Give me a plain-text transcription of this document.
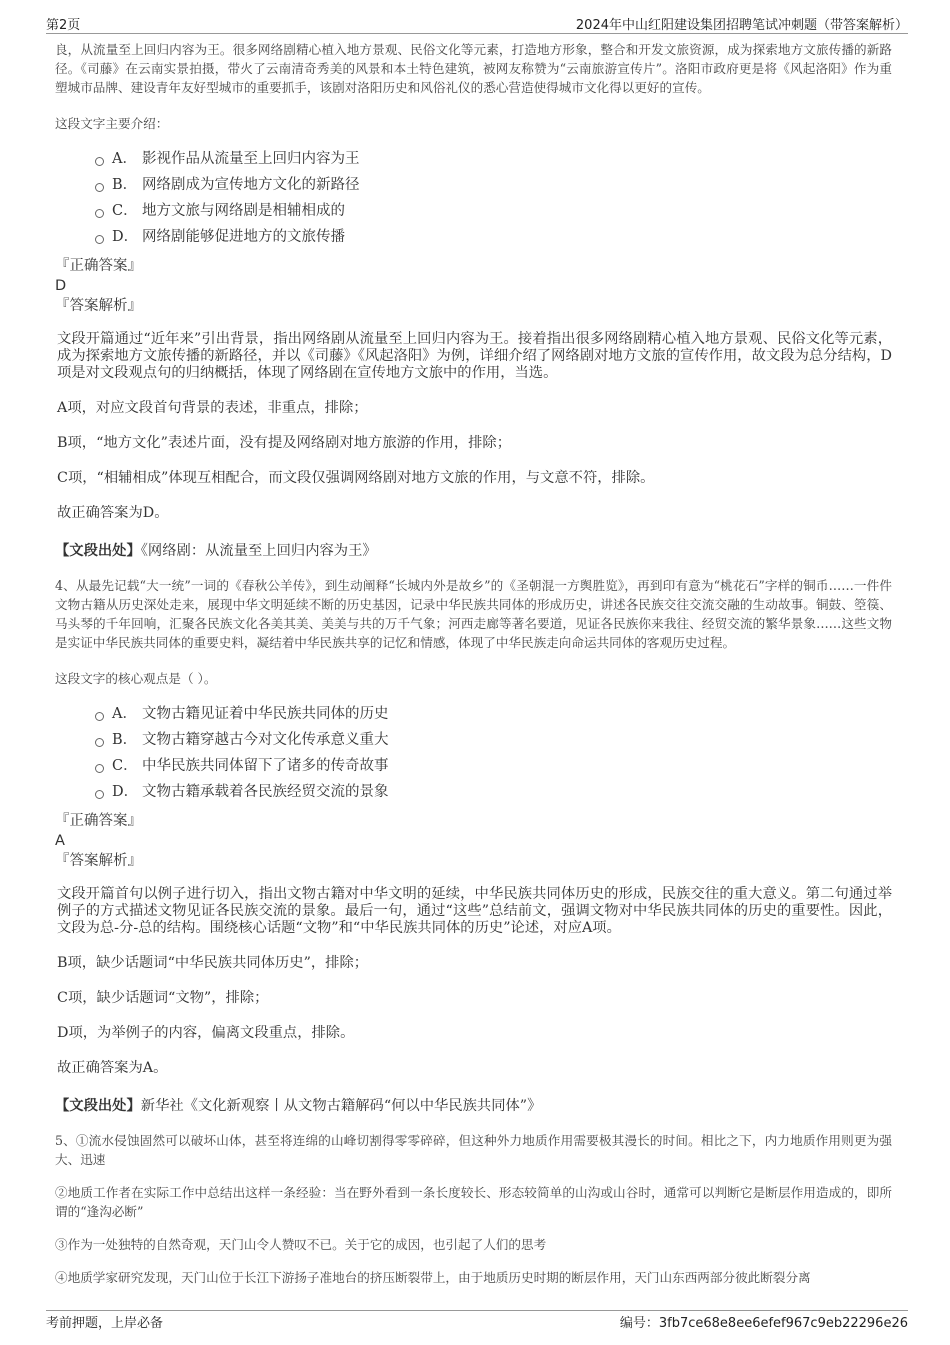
第2页	2024年中山红阳建设集团招聘笔试冲刺题（带答案解析）

良，从流量至上回归内容为王。很多网络剧精心植入地方景观、民俗文化等元素，打造地方形象，整合和开发文旅资源，成为探索地方文旅传播的新路径。《司藤》在云南实景拍摄，带火了云南清奇秀美的风景和本土特色建筑，被网友称赞为“云南旅游宣传片”。洛阳市政府更是将《风起洛阳》作为重塑城市品牌、建设青年友好型城市的重要抓手，该剧对洛阳历史和风俗礼仪的悉心营造使得城市文化得以更好的宣传。

这段文字主要介绍：

A． 影视作品从流量至上回归内容为王
B． 网络剧成为宣传地方文化的新路径
C． 地方文旅与网络剧是相辅相成的
D． 网络剧能够促进地方的文旅传播

『正确答案』

D

『答案解析』

文段开篇通过“近年来”引出背景，指出网络剧从流量至上回归内容为王。接着指出很多网络剧精心植入地方景观、民俗文化等元素，成为探索地方文旅传播的新路径，并以《司藤》《风起洛阳》为例，详细介绍了网络剧对地方文旅的宣传作用，故文段为总分结构，D项是对文段观点句的归纳概括，体现了网络剧在宣传地方文旅中的作用，当选。

A项，对应文段首句背景的表述，非重点，排除；

B项，“地方文化”表述片面，没有提及网络剧对地方旅游的作用，排除；

C项，“相辅相成”体现互相配合，而文段仅强调网络剧对地方文旅的作用，与文意不符，排除。

故正确答案为D。

【文段出处】《网络剧：从流量至上回归内容为王》

4、从最先记载“大一统”一词的《春秋公羊传》，到生动阐释“长城内外是故乡”的《圣朝混一方舆胜览》，再到印有意为“桃花石”字样的铜币……一件件文物古籍从历史深处走来，展现中华文明延续不断的历史基因，记录中华民族共同体的形成历史，讲述各民族交往交流交融的生动故事。铜鼓、箜篌、马头琴的千年回响，汇聚各民族文化各美其美、美美与共的万千气象；河西走廊等著名要道，见证各民族你来我往、经贸交流的繁华景象……这些文物是实证中华民族共同体的重要史料，凝结着中华民族共享的记忆和情感，体现了中华民族走向命运共同体的客观历史过程。

这段文字的核心观点是（ ）。

A． 文物古籍见证着中华民族共同体的历史
B． 文物古籍穿越古今对文化传承意义重大
C． 中华民族共同体留下了诸多的传奇故事
D． 文物古籍承载着各民族经贸交流的景象

『正确答案』

A

『答案解析』

文段开篇首句以例子进行切入，指出文物古籍对中华文明的延续，中华民族共同体历史的形成，民族交往的重大意义。第二句通过举例子的方式描述文物见证各民族交流的景象。最后一句，通过“这些”总结前文，强调文物对中华民族共同体的历史的重要性。因此，文段为总-分-总的结构。围绕核心话题“文物”和“中华民族共同体的历史”论述，对应A项。

B项，缺少话题词“中华民族共同体历史”，排除；

C项，缺少话题词“文物”，排除；

D项，为举例子的内容，偏离文段重点，排除。

故正确答案为A。

【文段出处】新华社《文化新观察丨从文物古籍解码“何以中华民族共同体”》

5、①流水侵蚀固然可以破坏山体，甚至将连绵的山峰切割得零零碎碎，但这种外力地质作用需要极其漫长的时间。相比之下，内力地质作用则更为强大、迅速

②地质工作者在实际工作中总结出这样一条经验：当在野外看到一条长度较长、形态较简单的山沟或山谷时，通常可以判断它是断层作用造成的，即所谓的“逢沟必断”

③作为一处独特的自然奇观，天门山令人赞叹不已。关于它的成因，也引起了人们的思考

④地质学家研究发现，天门山位于长江下游扬子准地台的挤压断裂带上，由于地质历史时期的断层作用，天门山东西两部分彼此断裂分离

考前押题，上岸必备	编号：3fb7ce68e8ee6efef967c9eb22296e26
